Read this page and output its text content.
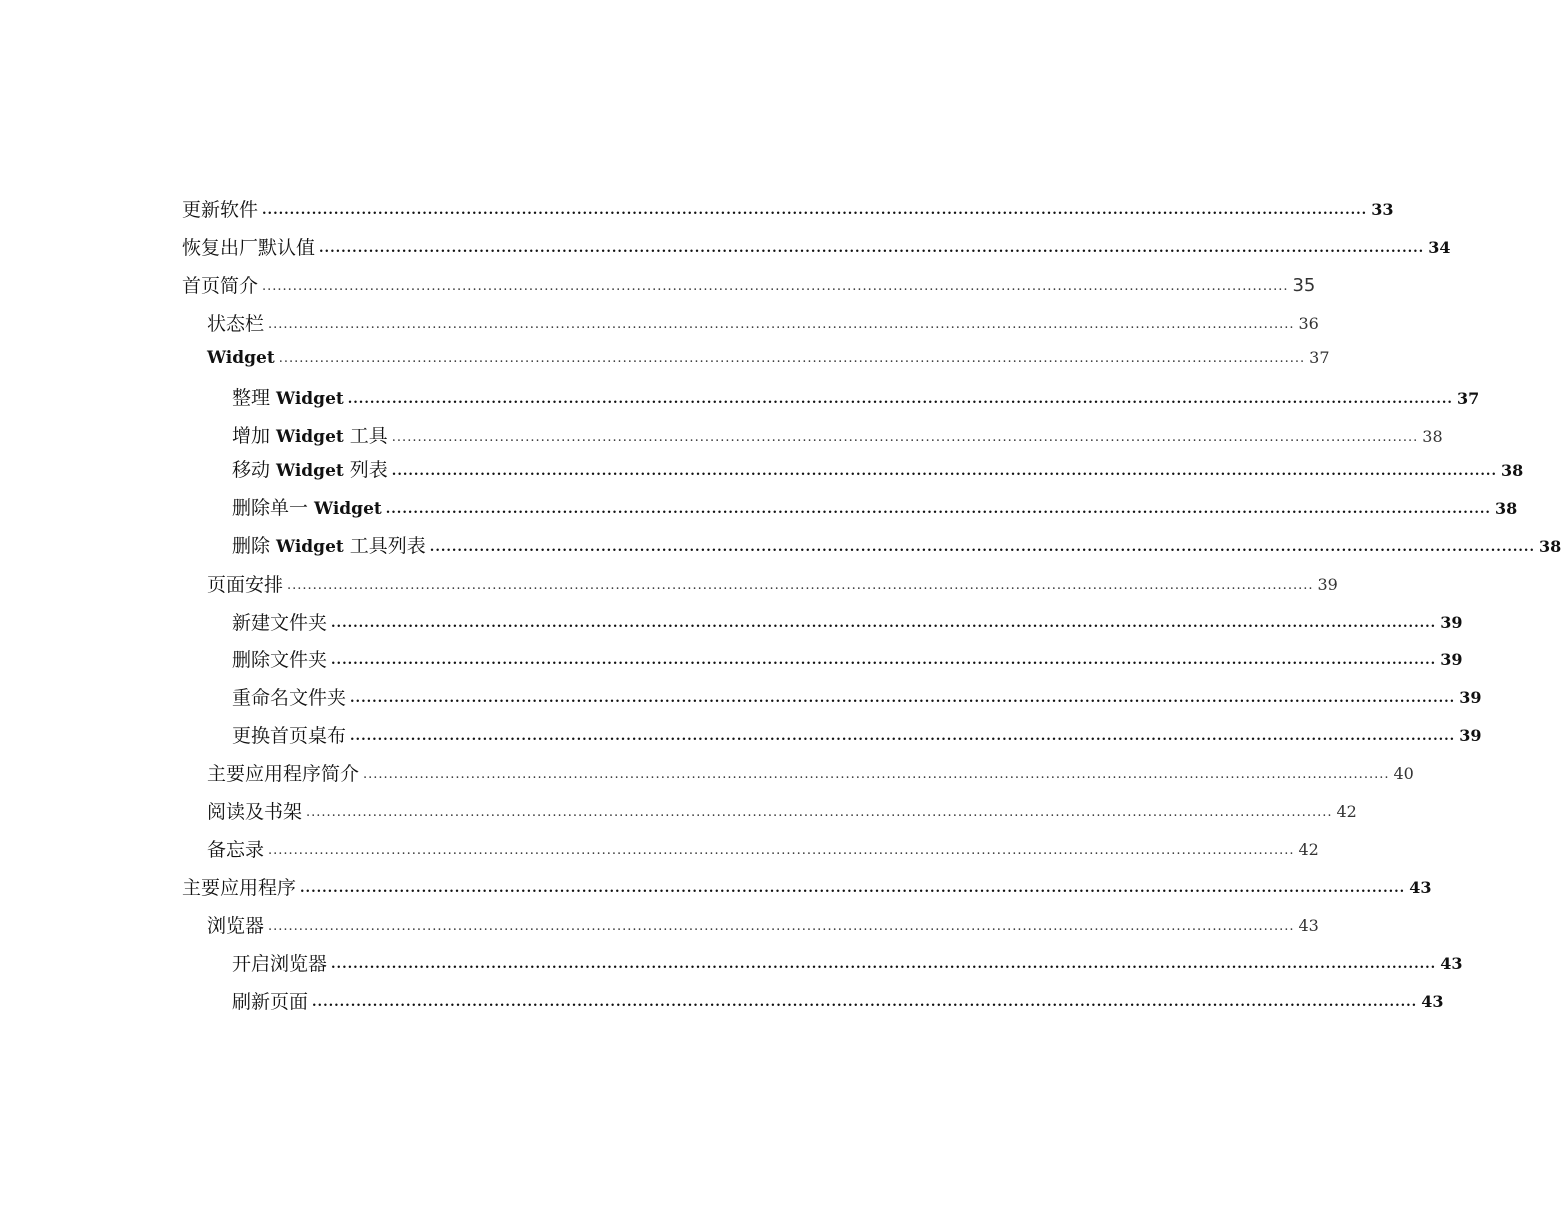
更新软件 ........................................................................................................................................................................................................ 33
恢复出厂默认值 ........................................................................................................................................................................................................ 34
首页简介 ........................................................................................................................................................................................................ 35
状态栏 ........................................................................................................................................................................................................ 36
Widget ........................................................................................................................................................................................................ 37
整理 Widget ........................................................................................................................................................................................................ 37
增加 Widget 工具 ........................................................................................................................................................................................................ 38
移动 Widget 列表 ........................................................................................................................................................................................................ 38
删除单一 Widget ........................................................................................................................................................................................................ 38
删除 Widget 工具列表 ........................................................................................................................................................................................................ 38
页面安排 ........................................................................................................................................................................................................ 39
新建文件夹 ........................................................................................................................................................................................................ 39
删除文件夹 ........................................................................................................................................................................................................ 39
重命名文件夹 ........................................................................................................................................................................................................ 39
更换首页桌布 ........................................................................................................................................................................................................ 39
主要应用程序简介 ........................................................................................................................................................................................................ 40
阅读及书架 ........................................................................................................................................................................................................ 42
备忘录 ........................................................................................................................................................................................................ 42
主要应用程序 ........................................................................................................................................................................................................ 43
浏览器 ........................................................................................................................................................................................................ 43
开启浏览器 ........................................................................................................................................................................................................ 43
刷新页面 ........................................................................................................................................................................................................ 43
